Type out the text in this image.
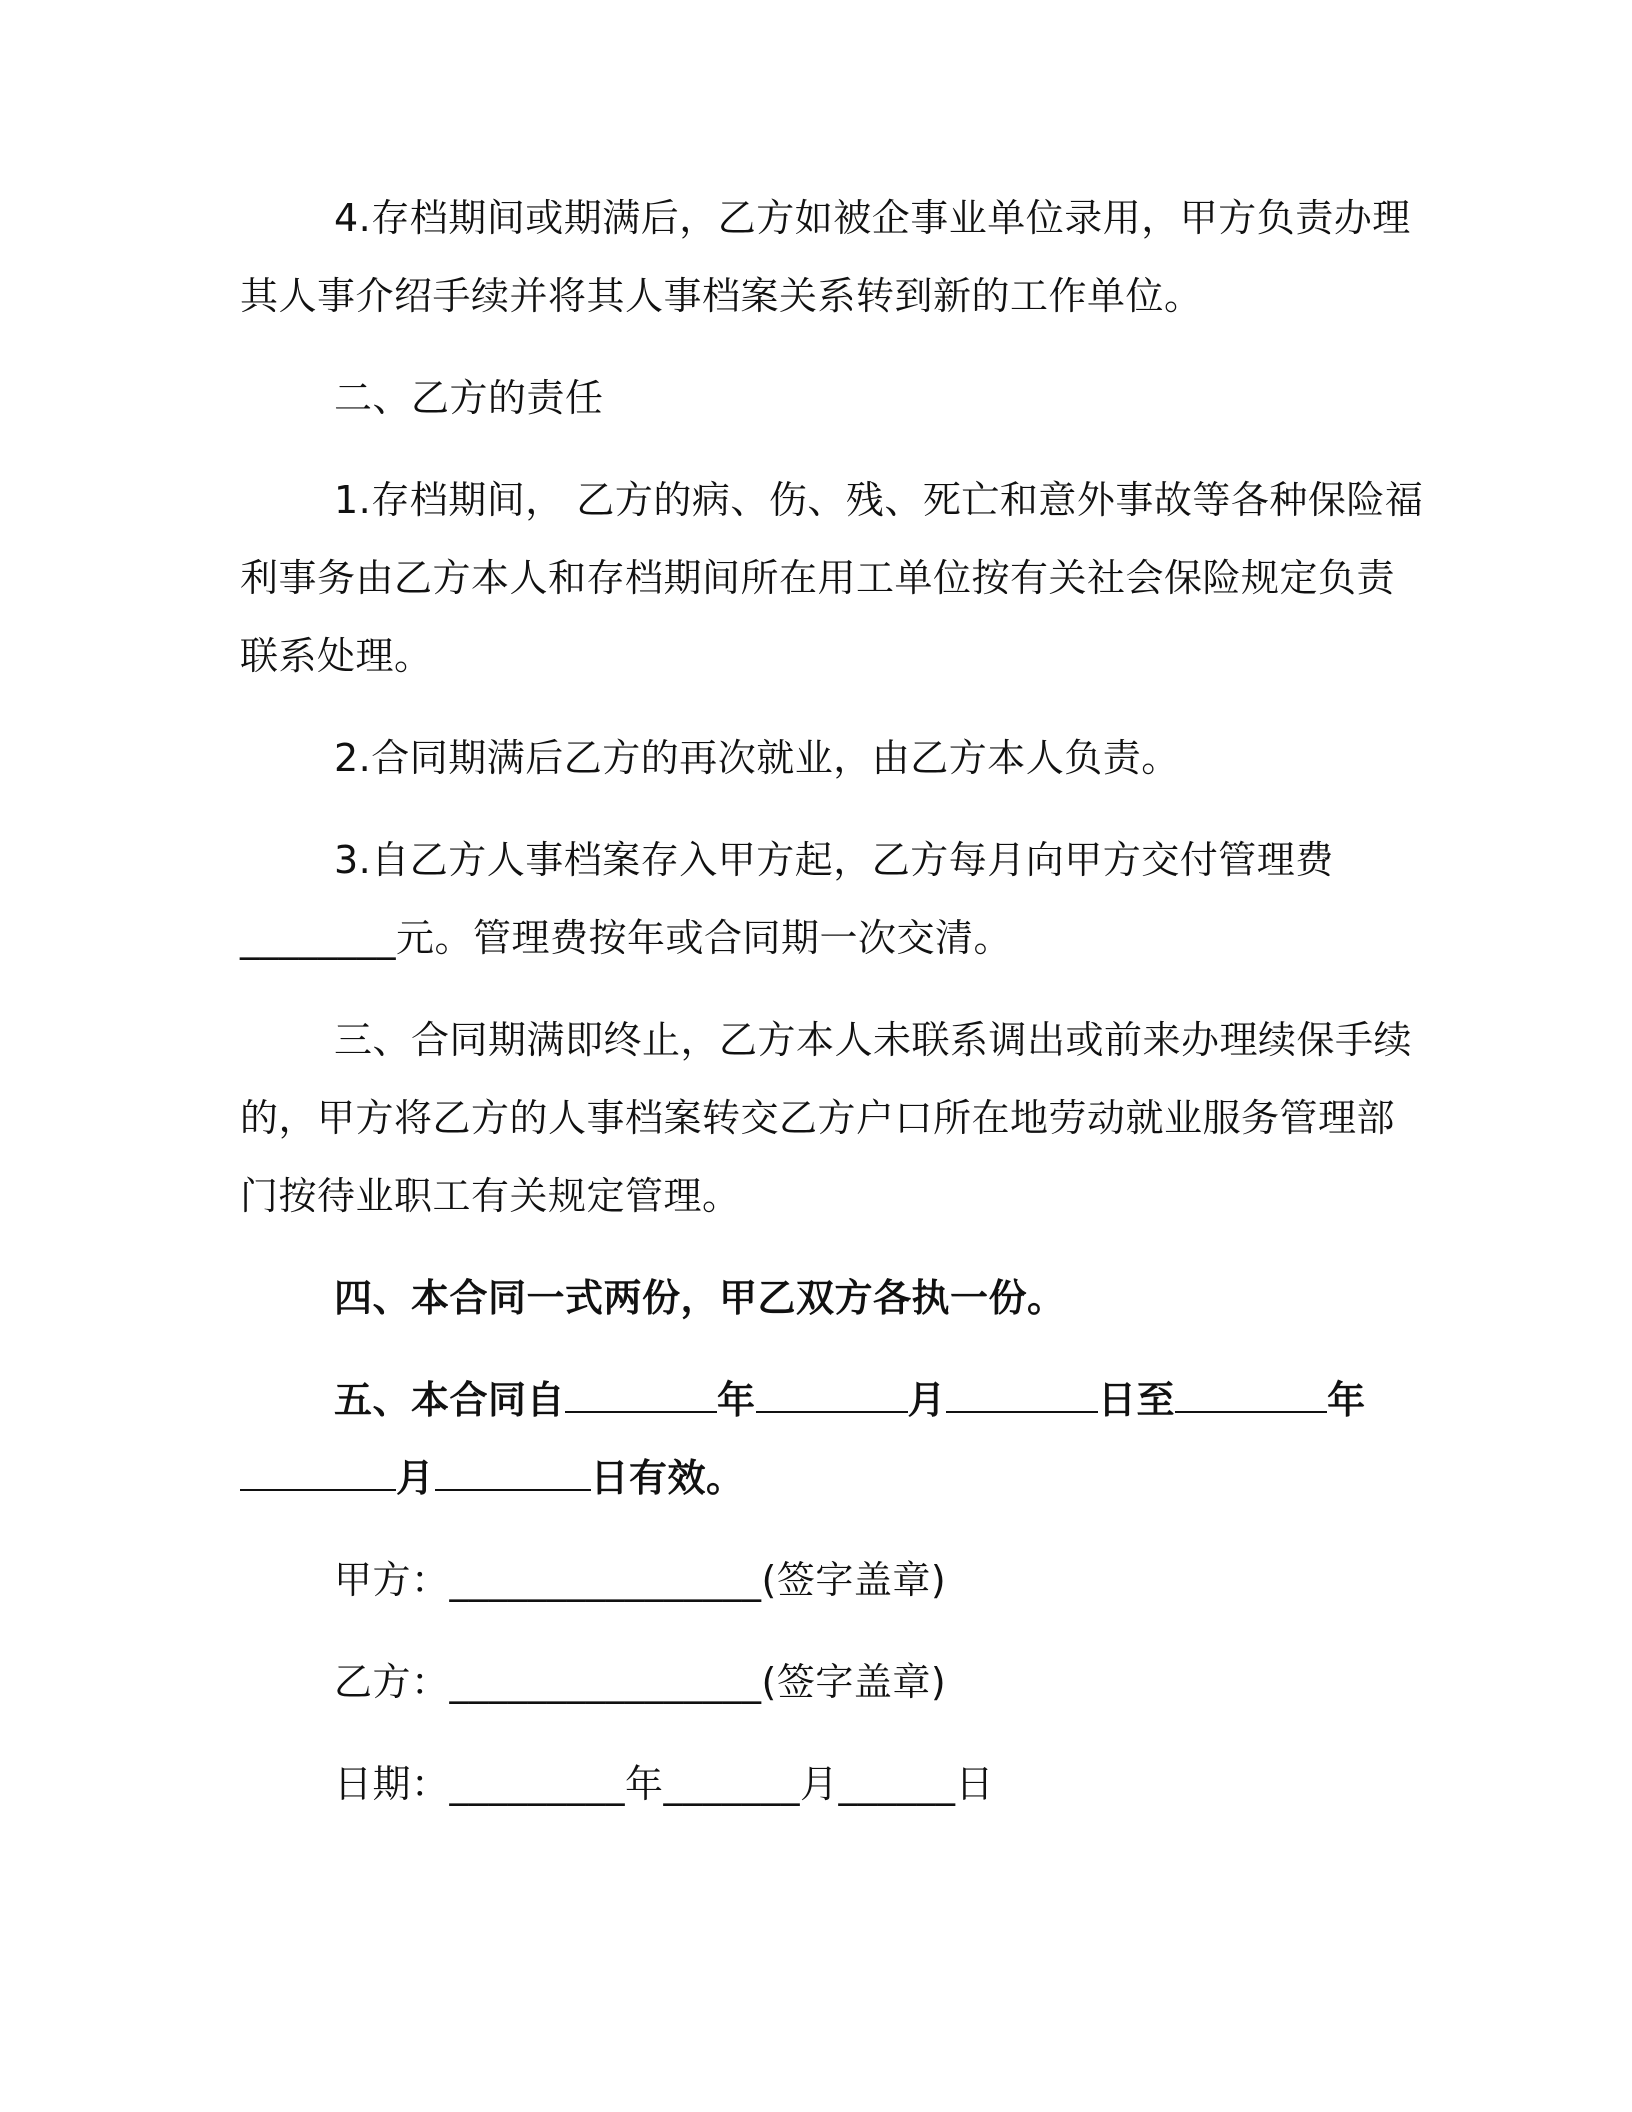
4.存档期间或期满后，乙方如被企事业单位录用，甲方负责办理
其人事介绍手续并将其人事档案关系转到新的工作单位。
二、乙方的责任
1.存档期间， 乙方的病、伤、残、死亡和意外事故等各种保险福
利事务由乙方本人和存档期间所在用工单位按有关社会保险规定负责
联系处理。
2.合同期满后乙方的再次就业，由乙方本人负责。
3.自乙方人事档案存入甲方起，乙方每月向甲方交付管理费
________元。管理费按年或合同期一次交清。
三、合同期满即终止，乙方本人未联系调出或前来办理续保手续
的，甲方将乙方的人事档案转交乙方户口所在地劳动就业服务管理部
门按待业职工有关规定管理。
四、本合同一式两份，甲乙双方各执一份。
五、本合同自	年	月	日至	年
月	日有效。
甲方：________________(签字盖章)
乙方：________________(签字盖章)
日期：_________年_______月______日
